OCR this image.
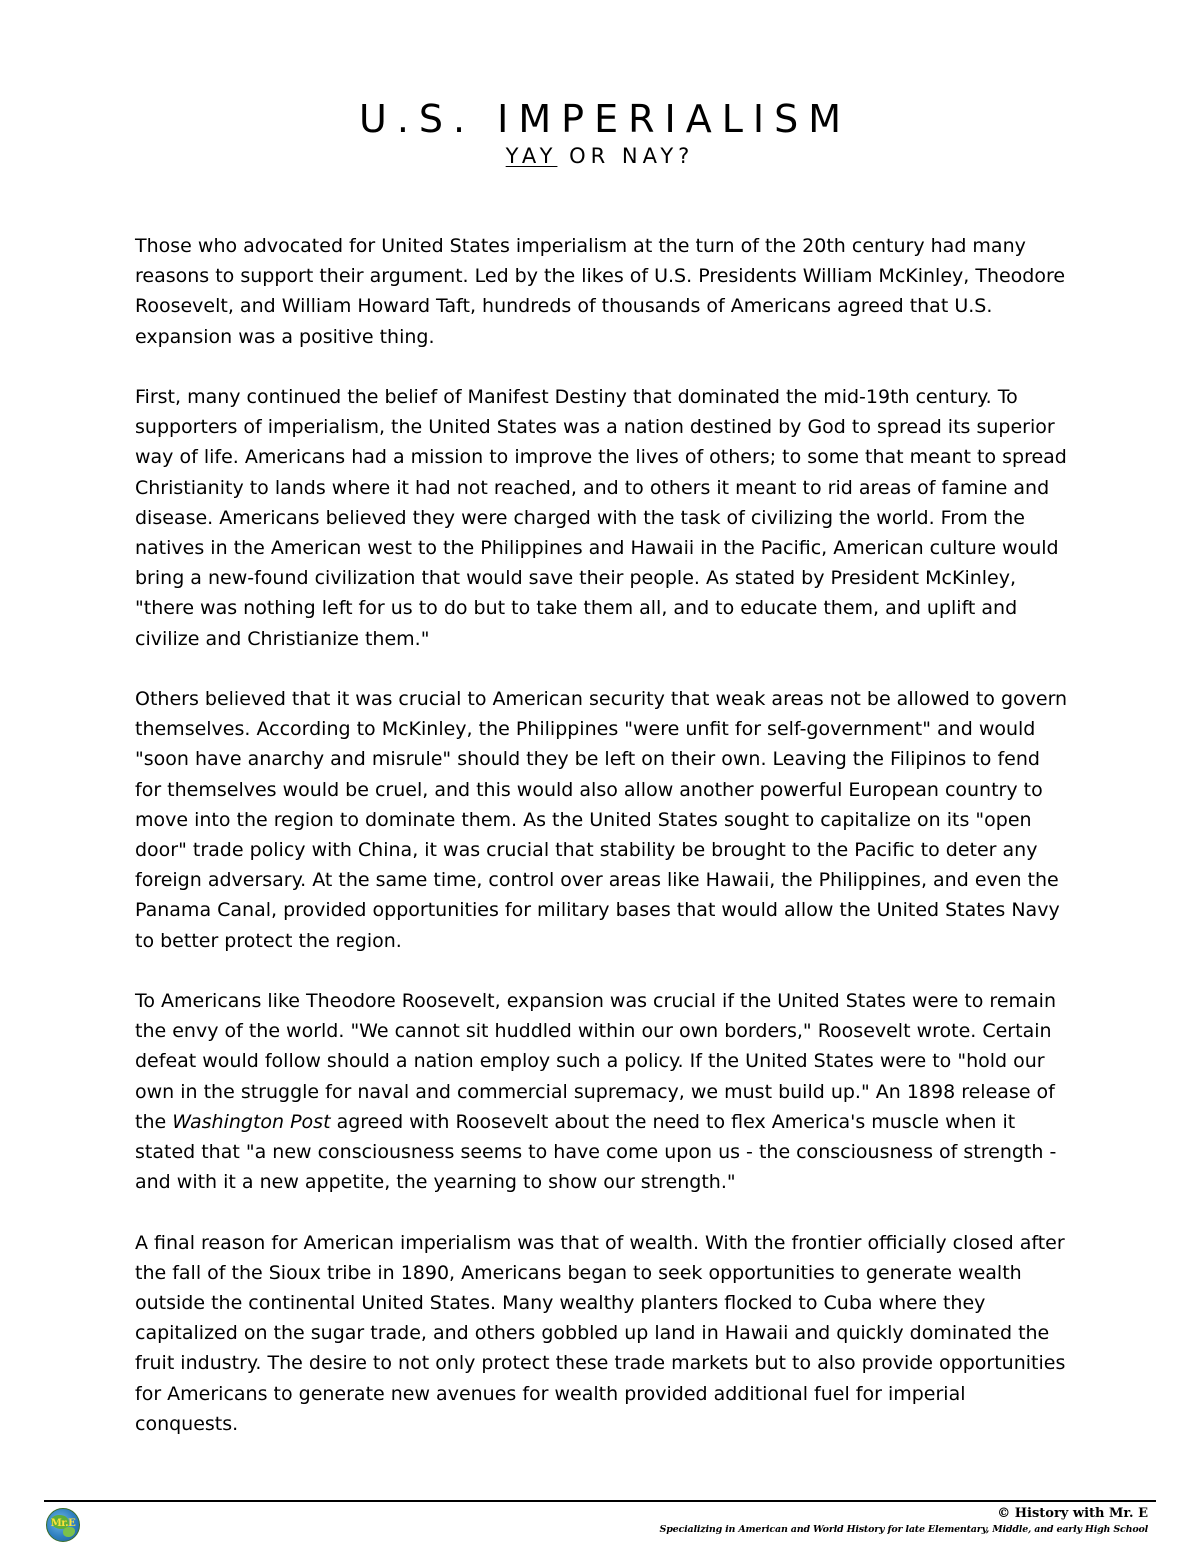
U.S. IMPERIALISM
YAY OR NAY?

Those who advocated for United States imperialism at the turn of the 20th century had many reasons to support their argument. Led by the likes of U.S. Presidents William McKinley, Theodore Roosevelt, and William Howard Taft, hundreds of thousands of Americans agreed that U.S. expansion was a positive thing.

First, many continued the belief of Manifest Destiny that dominated the mid-19th century. To supporters of imperialism, the United States was a nation destined by God to spread its superior way of life. Americans had a mission to improve the lives of others; to some that meant to spread Christianity to lands where it had not reached, and to others it meant to rid areas of famine and disease. Americans believed they were charged with the task of civilizing the world. From the natives in the American west to the Philippines and Hawaii in the Pacific, American culture would bring a new-found civilization that would save their people. As stated by President McKinley, "there was nothing left for us to do but to take them all, and to educate them, and uplift and civilize and Christianize them."

Others believed that it was crucial to American security that weak areas not be allowed to govern themselves. According to McKinley, the Philippines "were unfit for self-government" and would "soon have anarchy and misrule" should they be left on their own. Leaving the Filipinos to fend for themselves would be cruel, and this would also allow another powerful European country to move into the region to dominate them. As the United States sought to capitalize on its "open door" trade policy with China, it was crucial that stability be brought to the Pacific to deter any foreign adversary. At the same time, control over areas like Hawaii, the Philippines, and even the Panama Canal, provided opportunities for military bases that would allow the United States Navy to better protect the region.

To Americans like Theodore Roosevelt, expansion was crucial if the United States were to remain the envy of the world. "We cannot sit huddled within our own borders," Roosevelt wrote. Certain defeat would follow should a nation employ such a policy. If the United States were to "hold our own in the struggle for naval and commercial supremacy, we must build up." An 1898 release of the Washington Post agreed with Roosevelt about the need to flex America's muscle when it stated that "a new consciousness seems to have come upon us - the consciousness of strength - and with it a new appetite, the yearning to show our strength."

A final reason for American imperialism was that of wealth. With the frontier officially closed after the fall of the Sioux tribe in 1890, Americans began to seek opportunities to generate wealth outside the continental United States. Many wealthy planters flocked to Cuba where they capitalized on the sugar trade, and others gobbled up land in Hawaii and quickly dominated the fruit industry. The desire to not only protect these trade markets but to also provide opportunities for Americans to generate new avenues for wealth provided additional fuel for imperial conquests.

Mr.E
© History with Mr. E
Specializing in American and World History for late Elementary, Middle, and early High School
